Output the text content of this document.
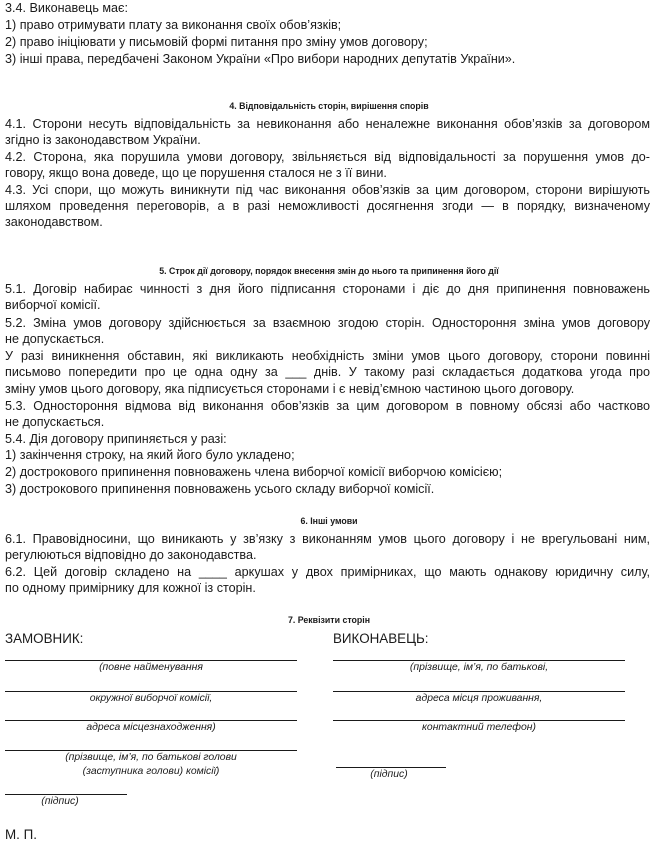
3.4. Виконавець має:
1) право отримувати плату за виконання своїх обов’язків;
2) право ініціювати у письмовій формі питання про зміну умов договору;
3) інші права, передбачені Законом України «Про вибори народних депутатів України».
4. Відповідальність сторін, вирішення спорів
4.1. Сторони несуть відповідальність за невиконання або неналежне виконання обов’язків за договором
згідно із законодавством України.
4.2. Сторона, яка порушила умови договору, звільняється від відповідальності за порушення умов до-
говору, якщо вона доведе, що це порушення сталося не з її вини.
4.3. Усі спори, що можуть виникнути під час виконання обов’язків за цим договором, сторони вирішують
шляхом проведення переговорів, а в разі неможливості досягнення згоди — в порядку, визначеному
законодавством.
5. Строк дії договору, порядок внесення змін до нього та припинення його дії
5.1. Договір набирає чинності з дня його підписання сторонами і діє до дня припинення повноважень
виборчої комісії.
5.2. Зміна умов договору здійснюється за взаємною згодою сторін. Одностороння зміна умов договору
не допускається.
У разі виникнення обставин, які викликають необхідність зміни умов цього договору, сторони повинні
письмово попередити про це одна одну за ___ днів. У такому разі складається додаткова угода про
зміну умов цього договору, яка підписується сторонами і є невід’ємною частиною цього договору.
5.3. Одностороння відмова від виконання обов’язків за цим договором в повному обсязі або частково
не допускається.
5.4. Дія договору припиняється у разі:
1) закінчення строку, на який його було укладено;
2) дострокового припинення повноважень члена виборчої комісії виборчою комісією;
3) дострокового припинення повноважень усього складу виборчої комісії.
6. Інші умови
6.1. Правовідносини, що виникають у зв’язку з виконанням умов цього договору і не врегульовані ним,
регулюються відповідно до законодавства.
6.2. Цей договір складено на ____ аркушах у двох примірниках, що мають однакову юридичну силу,
по одному примірнику для кожної із сторін.
7. Реквізити сторін
ЗАМОВНИК:
(повне найменування
окружної виборчої комісії,
адреса місцезнаходження)
(прізвище, ім’я, по батькові голови
(заступника голови) комісії)
(підпис)
ВИКОНАВЕЦЬ:
(прізвище, ім’я, по батькові,
адреса місця проживання,
контактний телефон)
(підпис)
М. П.
